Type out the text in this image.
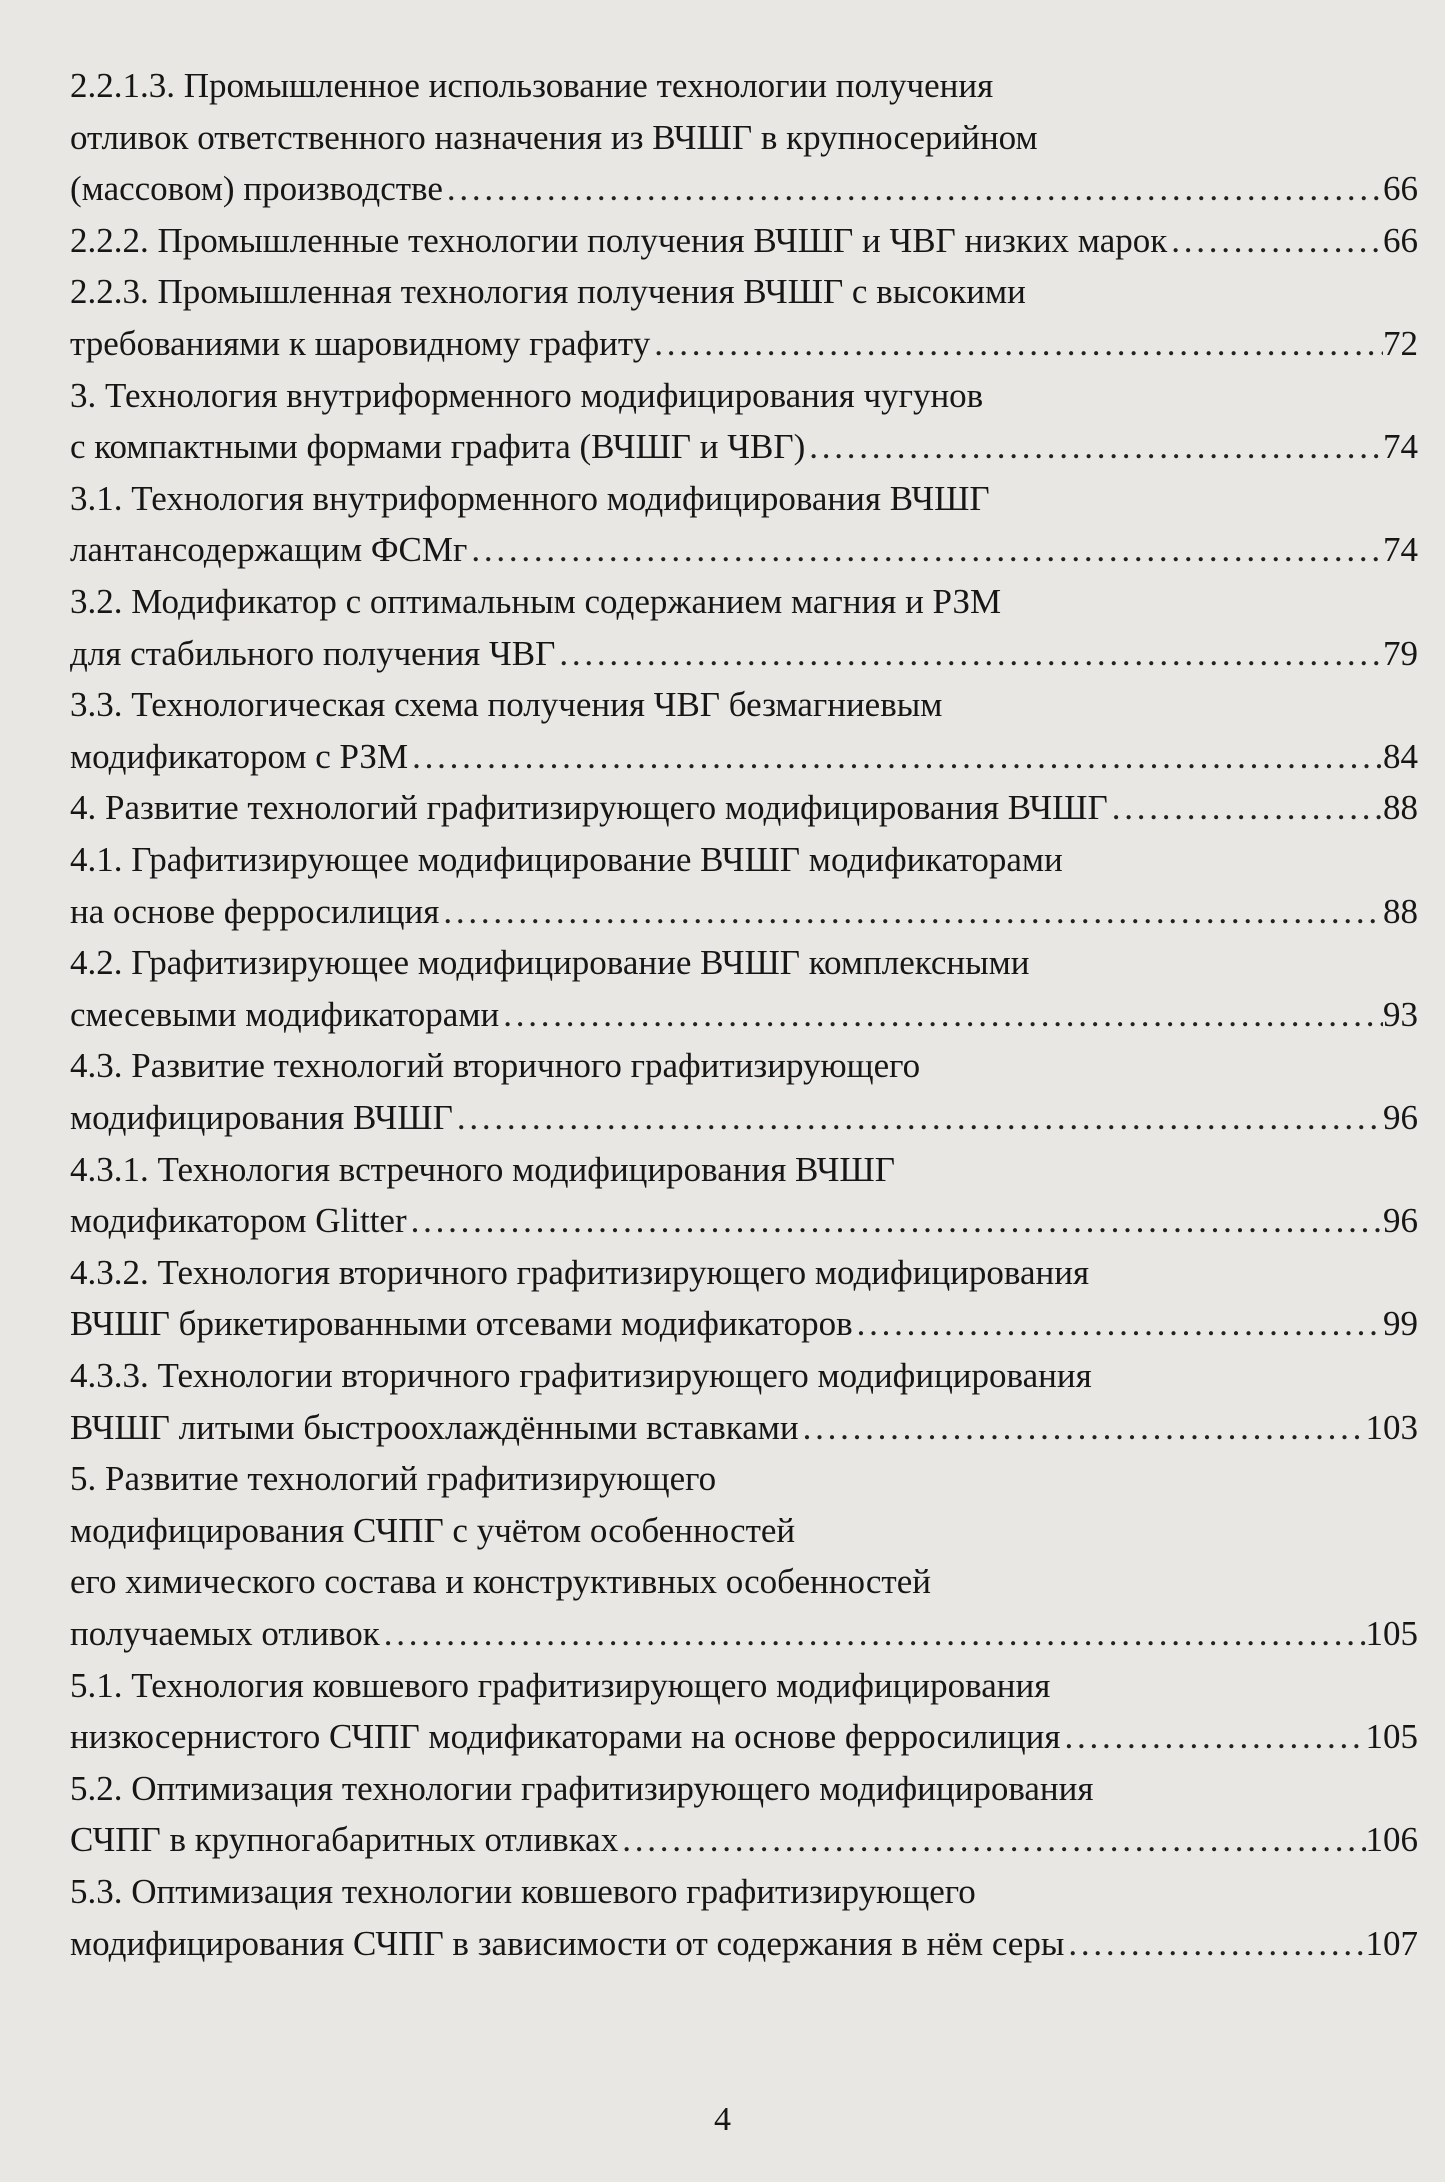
2.2.1.3. Промышленное использование технологии получения
отливок ответственного назначения из ВЧШГ в крупносерийном
(массовом) производстве . . .	66
2.2.2. Промышленные технологии получения ВЧШГ и ЧВГ низких марок . . .	66
2.2.3. Промышленная технология получения ВЧШГ с высокими
требованиями к шаровидному графиту . . .	72
3. Технология внутриформенного модифицирования чугунов
с компактными формами графита (ВЧШГ и ЧВГ) . . .	74
3.1. Технология внутриформенного модифицирования ВЧШГ
лантансодержащим ФСМг . . .	74
3.2. Модификатор с оптимальным содержанием магния и РЗМ
для стабильного получения ЧВГ . . .	79
3.3. Технологическая схема получения ЧВГ безмагниевым
модификатором с РЗМ . . .	84
4. Развитие технологий графитизирующего модифицирования ВЧШГ . . .	88
4.1. Графитизирующее модифицирование ВЧШГ модификаторами
на основе ферросилиция . . .	88
4.2. Графитизирующее модифицирование ВЧШГ комплексными
смесевыми модификаторами . . .	93
4.3. Развитие технологий вторичного графитизирующего
модифицирования ВЧШГ . . .	96
4.3.1. Технология встречного модифицирования ВЧШГ
модификатором Glitter . . .	96
4.3.2. Технология вторичного графитизирующего модифицирования
ВЧШГ брикетированными отсевами модификаторов . . .	99
4.3.3. Технологии вторичного графитизирующего модифицирования
ВЧШГ литыми быстроохлаждёнными вставками . . .	103
5. Развитие технологий графитизирующего
модифицирования СЧПГ с учётом особенностей
его химического состава и конструктивных особенностей
получаемых отливок . . .	105
5.1. Технология ковшевого графитизирующего модифицирования
низкосернистого СЧПГ модификаторами на основе ферросилиция . . .	105
5.2. Оптимизация технологии графитизирующего модифицирования
СЧПГ в крупногабаритных отливках . . .	106
5.3. Оптимизация технологии ковшевого графитизирующего
модифицирования СЧПГ в зависимости от содержания в нём серы . . .	107
4
